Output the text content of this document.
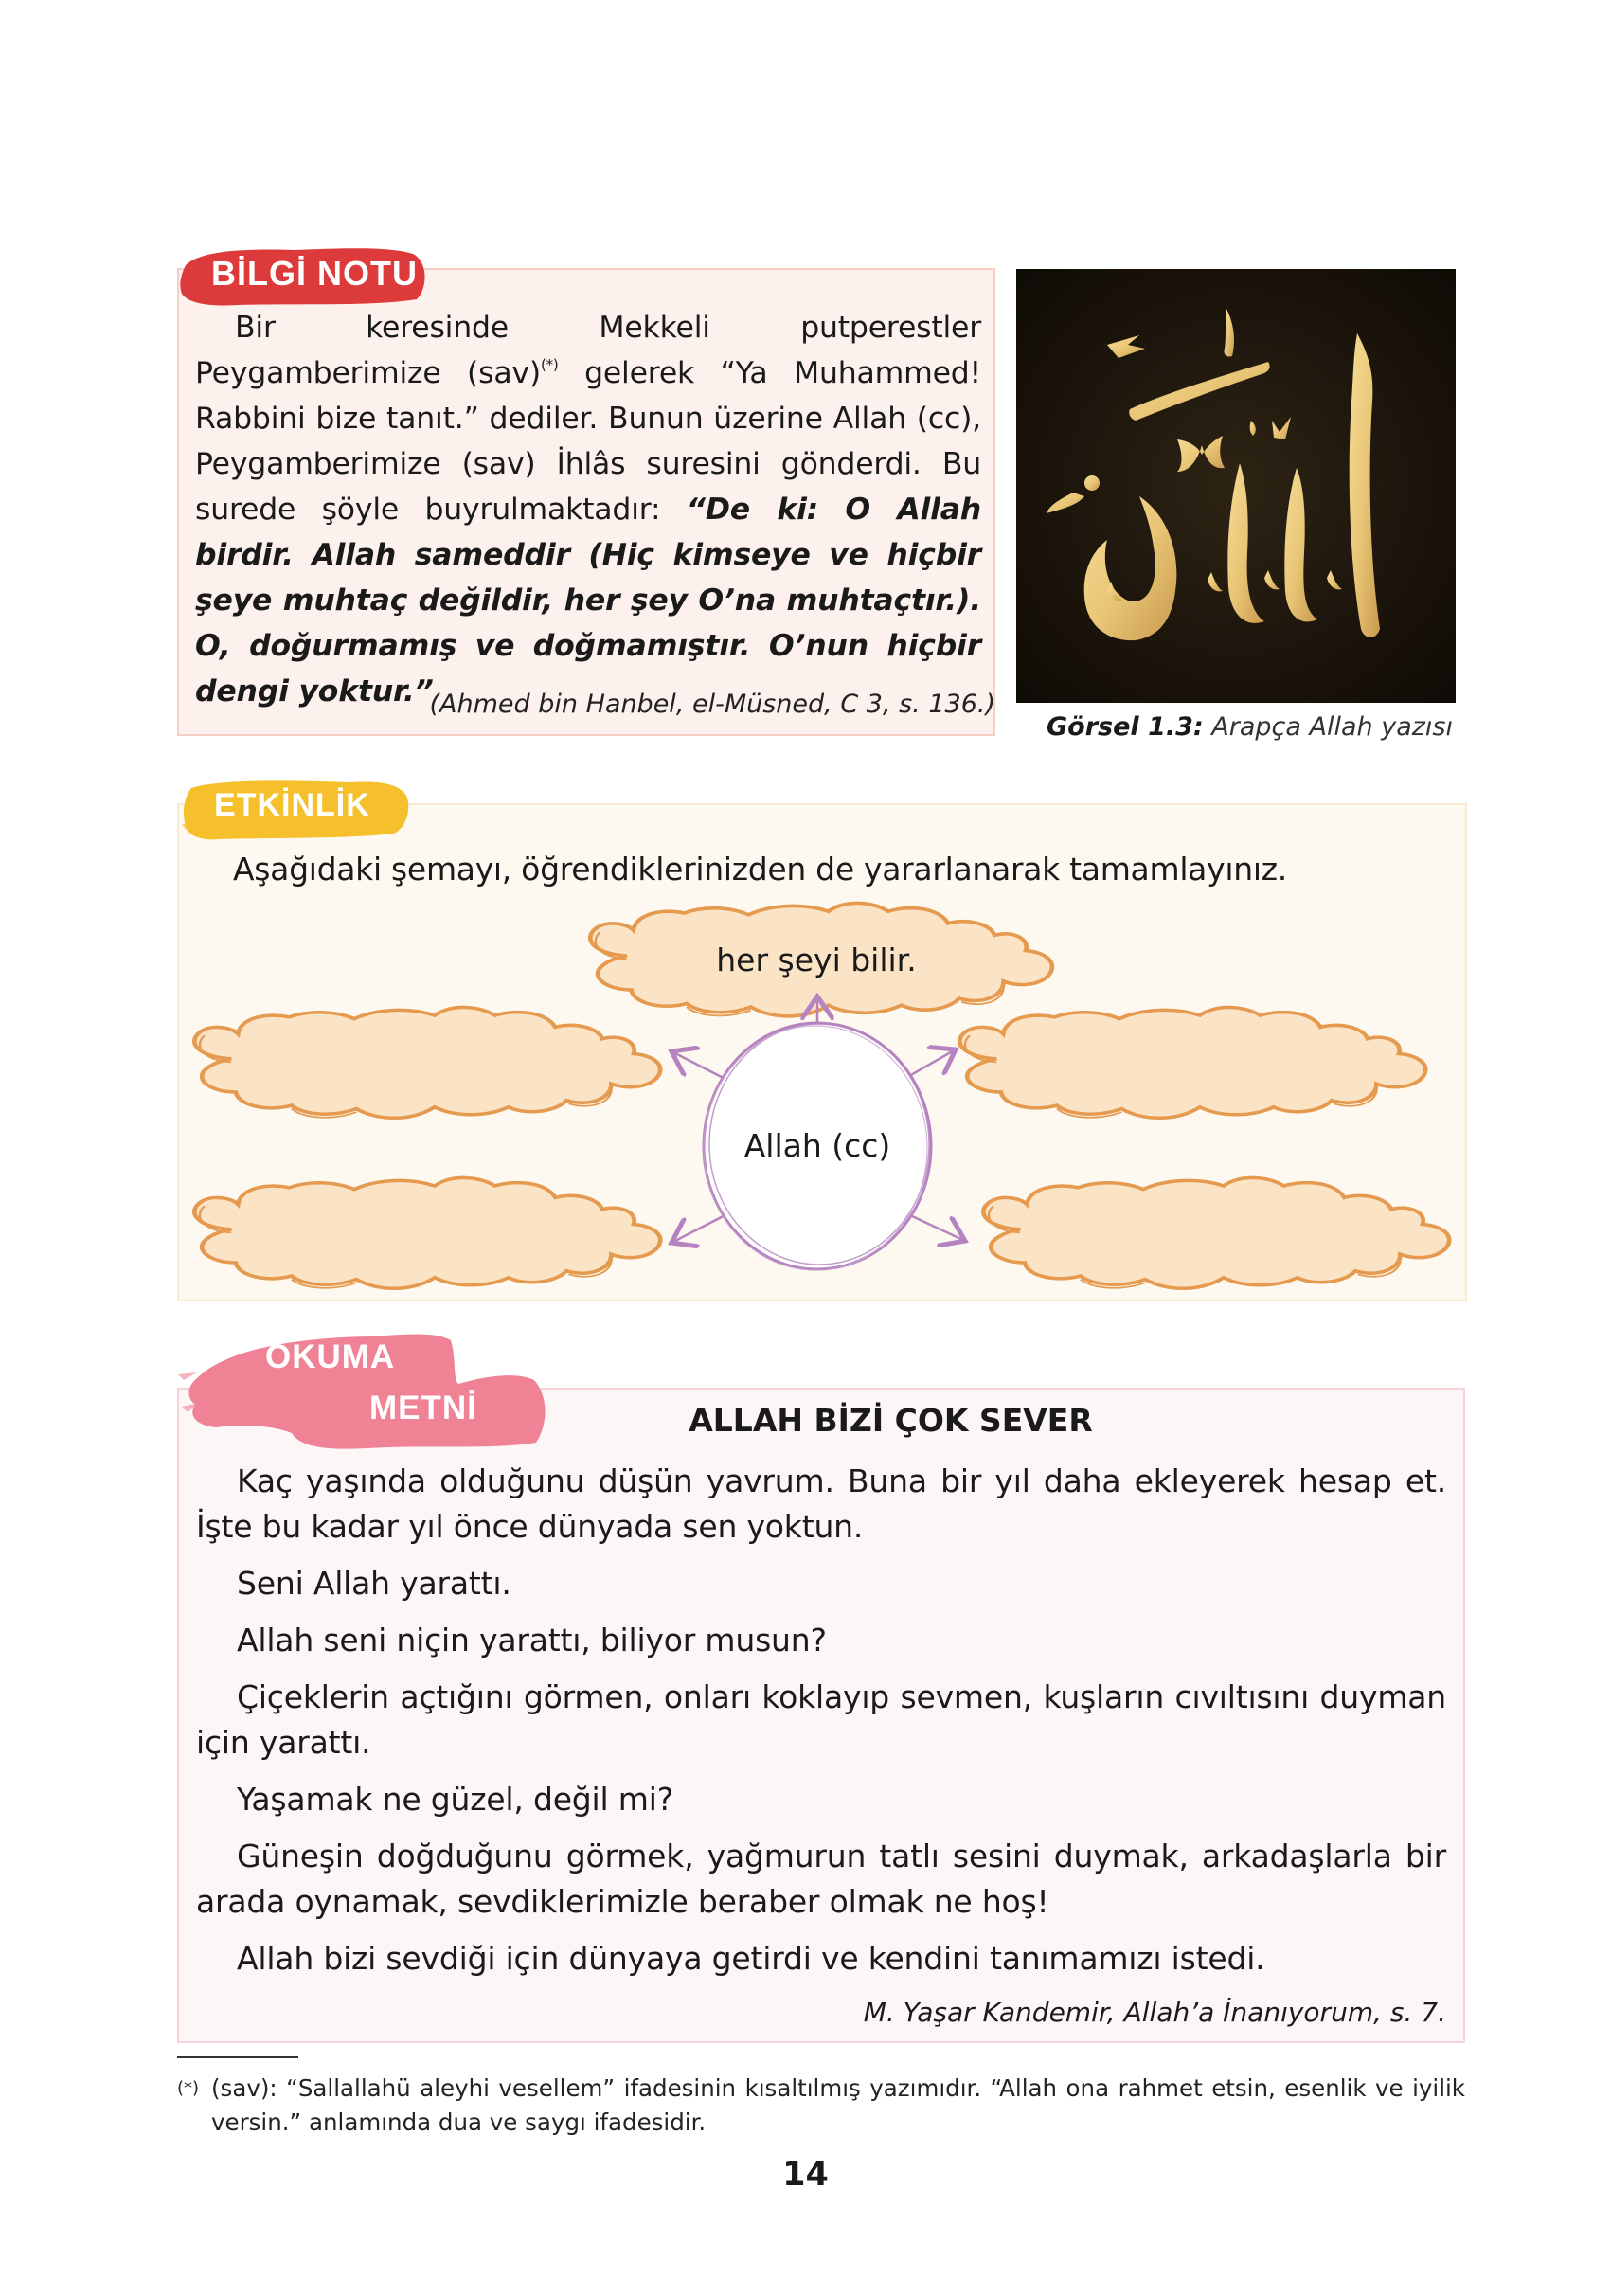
BİLGİ NOTU

Bir keresinde Mekkeli putperestler Peygamberimize (sav)(*) gelerek “Ya Muhammed! Rabbini bize tanıt.” dediler. Bunun üzerine Allah (cc), Peygamberimize (sav) İhlâs suresini gönderdi. Bu surede şöyle buyrulmaktadır: “De ki: O Allah birdir. Allah sameddir (Hiç kimseye ve hiçbir şeye muhtaç değildir, her şey O’na muhtaçtır.). O, doğurmamış ve doğmamıştır. O’nun hiçbir dengi yoktur.”

(Ahmed bin Hanbel, el-Müsned, C 3, s. 136.)
Görsel 1.3: Arapça Allah yazısı
ETKİNLİK
Aşağıdaki şemayı, öğrendiklerinizden de yararlanarak tamamlayınız.
her şeyi bilir.
Allah (cc)
OKUMA
METNİ	ALLAH BİZİ ÇOK SEVER

Kaç yaşında olduğunu düşün yavrum. Buna bir yıl daha ekleyerek hesap et. İşte bu kadar yıl önce dünyada sen yoktun.

Seni Allah yarattı.

Allah seni niçin yarattı, biliyor musun?

Çiçeklerin açtığını görmen, onları koklayıp sevmen, kuşların cıvıltısını duyman için yarattı.

Yaşamak ne güzel, değil mi?

Güneşin doğduğunu görmek, yağmurun tatlı sesini duymak, arkadaşlarla bir arada oynamak, sevdiklerimizle beraber olmak ne hoş!

Allah bizi sevdiği için dünyaya getirdi ve kendini tanımamızı istedi.

M. Yaşar Kandemir, Allah’a İnanıyorum, s. 7.
(*) (sav): “Sallallahü aleyhi vesellem” ifadesinin kısaltılmış yazımıdır. “Allah ona rahmet etsin, esenlik ve iyilik versin.” anlamında dua ve saygı ifadesidir.
14
